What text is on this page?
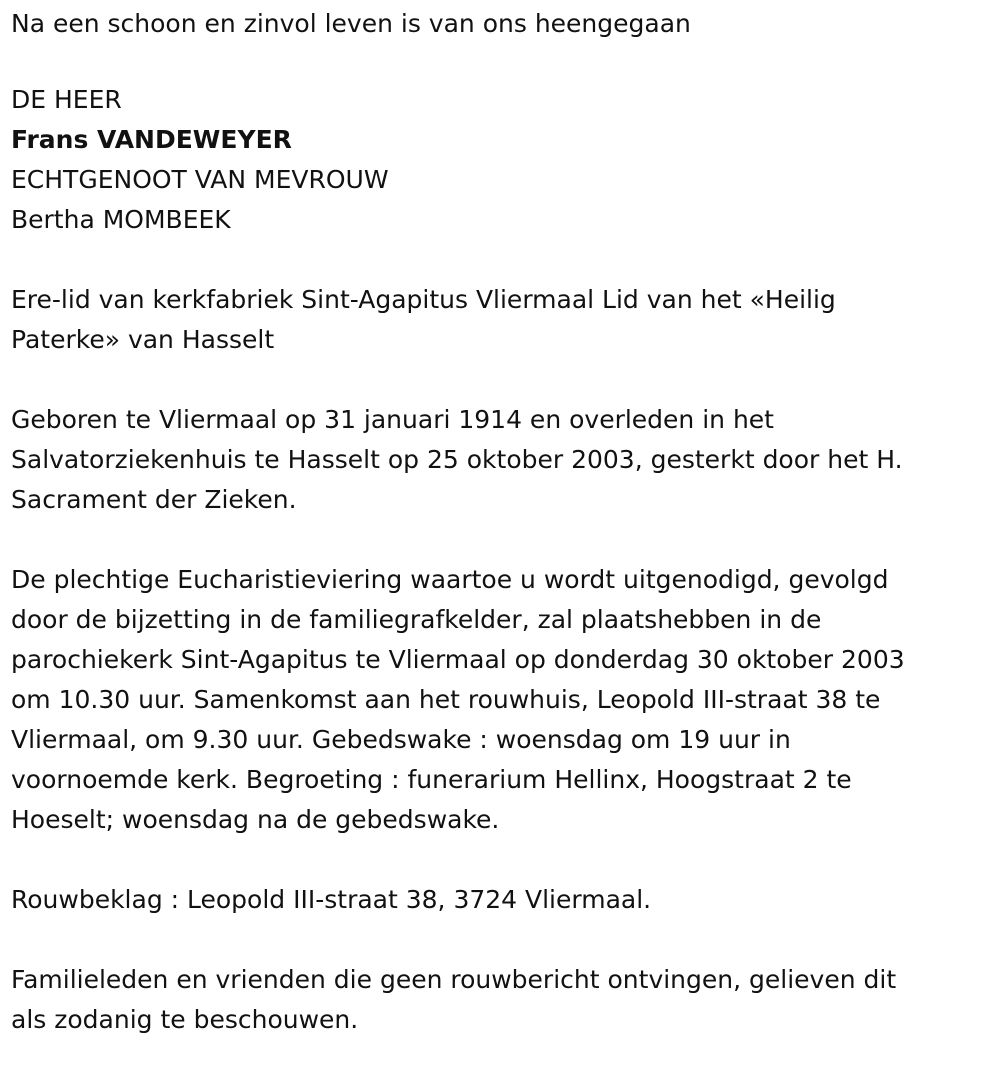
Na een schoon en zinvol leven is van ons heengegaan

DE HEER

Frans VANDEWEYER

ECHTGENOOT VAN MEVROUW

Bertha MOMBEEK

Ere-lid van kerkfabriek Sint-Agapitus Vliermaal Lid van het «Heilig

Paterke» van Hasselt

Geboren te Vliermaal op 31 januari 1914 en overleden in het

Salvatorziekenhuis te Hasselt op 25 oktober 2003, gesterkt door het H.

Sacrament der Zieken.

De plechtige Eucharistieviering waartoe u wordt uitgenodigd, gevolgd

door de bijzetting in de familiegrafkelder, zal plaatshebben in de

parochiekerk Sint-Agapitus te Vliermaal op donderdag 30 oktober 2003

om 10.30 uur. Samenkomst aan het rouwhuis, Leopold III-straat 38 te

Vliermaal, om 9.30 uur. Gebedswake : woensdag om 19 uur in

voornoemde kerk. Begroeting : funerarium Hellinx, Hoogstraat 2 te

Hoeselt; woensdag na de gebedswake.

Rouwbeklag : Leopold III-straat 38, 3724 Vliermaal.

Familieleden en vrienden die geen rouwbericht ontvingen, gelieven dit

als zodanig te beschouwen.
